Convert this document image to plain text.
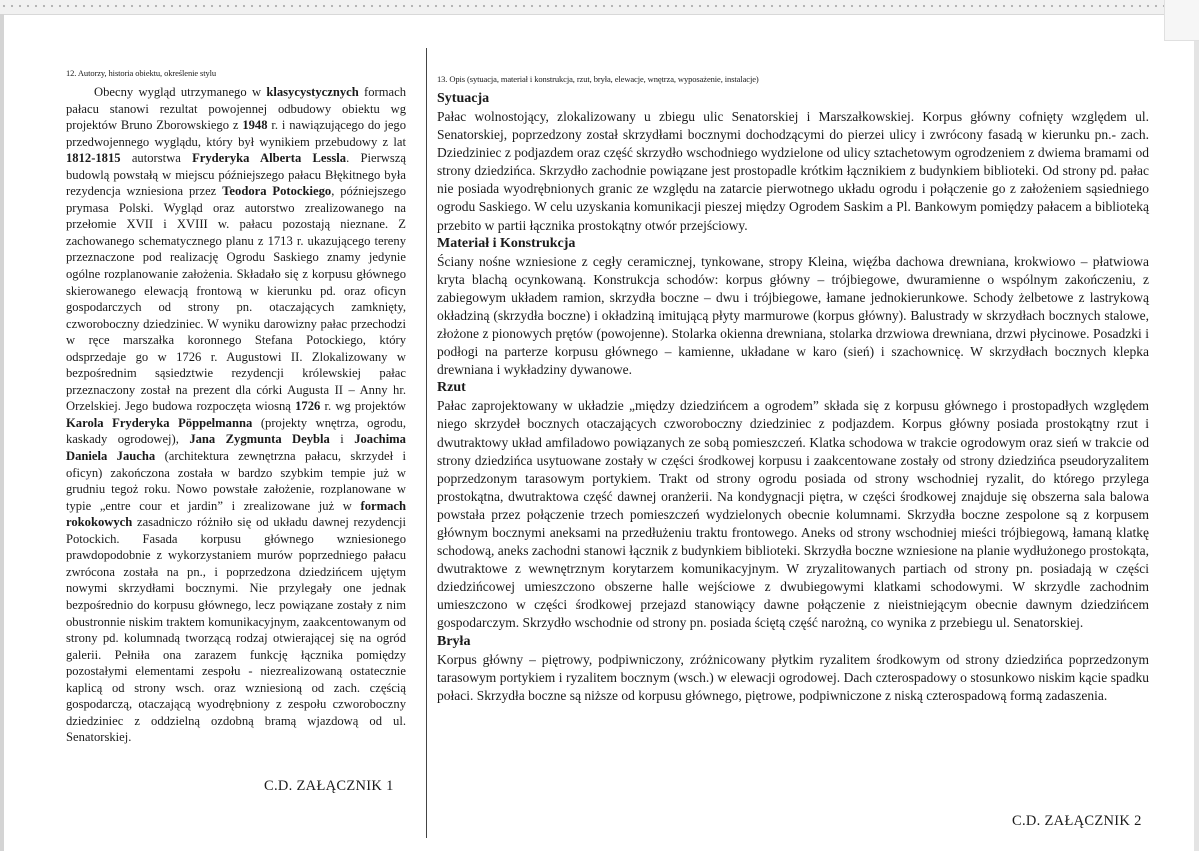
12. Autorzy, historia obiektu, określenie stylu

Obecny wygląd utrzymanego w klasycystycznych formach pałacu stanowi rezultat powojennej odbudowy obiektu wg projektów Bruno Zborowskiego z 1948 r. i nawiązującego do jego przedwojennego wyglądu, który był wynikiem przebudowy z lat 1812-1815 autorstwa Fryderyka Alberta Lessla. Pierwszą budowlą powstałą w miejscu późniejszego pałacu Błękitnego była rezydencja wzniesiona przez Teodora Potockiego, późniejszego prymasa Polski. Wygląd oraz autorstwo zrealizowanego na przełomie XVII i XVIII w. pałacu pozostają nieznane. Z zachowanego schematycznego planu z 1713 r. ukazującego tereny przeznaczone pod realizację Ogrodu Saskiego znamy jedynie ogólne rozplanowanie założenia. Składało się z korpusu głównego skierowanego elewacją frontową w kierunku pd. oraz oficyn gospodarczych od strony pn. otaczających zamknięty, czworoboczny dziedziniec. W wyniku darowizny pałac przechodzi w ręce marszałka koronnego Stefana Potockiego, który odsprzedaje go w 1726 r. Augustowi II. Zlokalizowany w bezpośrednim sąsiedztwie rezydencji królewskiej pałac przeznaczony został na prezent dla córki Augusta II – Anny hr. Orzelskiej. Jego budowa rozpoczęta wiosną 1726 r. wg projektów Karola Fryderyka Pöppelmanna (projekty wnętrza, ogrodu, kaskady ogrodowej), Jana Zygmunta Deybla i Joachima Daniela Jaucha (architektura zewnętrzna pałacu, skrzydeł i oficyn) zakończona została w bardzo szybkim tempie już w grudniu tegoż roku. Nowo powstałe założenie, rozplanowane w typie „entre cour et jardin” i zrealizowane już w formach rokokowych zasadniczo różniło się od układu dawnej rezydencji Potockich. Fasada korpusu głównego wzniesionego prawdopodobnie z wykorzystaniem murów poprzedniego pałacu zwrócona została na pn., i poprzedzona dziedzińcem ujętym nowymi skrzydłami bocznymi. Nie przylegały one jednak bezpośrednio do korpusu głównego, lecz powiązane zostały z nim obustronnie niskim traktem komunikacyjnym, zaakcentowanym od strony pd. kolumnadą tworzącą rodzaj otwierającej się na ogród galerii. Pełniła ona zarazem funkcję łącznika pomiędzy pozostałymi elementami zespołu - niezrealizowaną ostatecznie kaplicą od strony wsch. oraz wzniesioną od zach. częścią gospodarczą, otaczającą wyodrębniony z zespołu czworoboczny dziedziniec z oddzielną ozdobną bramą wjazdową od ul. Senatorskiej.

C.D. ZAŁĄCZNIK 1

13. Opis (sytuacja, materiał i konstrukcja, rzut, bryła, elewacje, wnętrza, wyposażenie, instalacje)

Sytuacja

Pałac wolnostojący, zlokalizowany u zbiegu ulic Senatorskiej i Marszałkowskiej. Korpus główny cofnięty względem ul. Senatorskiej, poprzedzony został skrzydłami bocznymi dochodzącymi do pierzei ulicy i zwrócony fasadą w kierunku pn.- zach. Dziedziniec z podjazdem oraz część skrzydło wschodniego wydzielone od ulicy sztachetowym ogrodzeniem z dwiema bramami od strony dziedzińca. Skrzydło zachodnie powiązane jest prostopadle krótkim łącznikiem z budynkiem biblioteki. Od strony pd. pałac nie posiada wyodrębnionych granic ze względu na zatarcie pierwotnego układu ogrodu i połączenie go z założeniem sąsiedniego ogrodu Saskiego. W celu uzyskania komunikacji pieszej między Ogrodem Saskim a Pl. Bankowym pomiędzy pałacem a biblioteką przebito w partii łącznika prostokątny otwór przejściowy.

Materiał i Konstrukcja

Ściany nośne wzniesione z cegły ceramicznej, tynkowane, stropy Kleina, więźba dachowa drewniana, krokwiowo – płatwiowa kryta blachą ocynkowaną. Konstrukcja schodów: korpus główny – trójbiegowe, dwuramienne o wspólnym zakończeniu, z zabiegowym układem ramion, skrzydła boczne – dwu i trójbiegowe, łamane jednokierunkowe. Schody żelbetowe z lastrykową okładziną (skrzydła boczne) i okładziną imitującą płyty marmurowe (korpus główny). Balustrady w skrzydłach bocznych stalowe, złożone z pionowych prętów (powojenne). Stolarka okienna drewniana, stolarka drzwiowa drewniana, drzwi płycinowe. Posadzki i podłogi na parterze korpusu głównego – kamienne, układane w karo (sień) i szachownicę. W skrzydłach bocznych klepka drewniana i wykładziny dywanowe.

Rzut

Pałac zaprojektowany w układzie „między dziedzińcem a ogrodem” składa się z korpusu głównego i prostopadłych względem niego skrzydeł bocznych otaczających czworoboczny dziedziniec z podjazdem. Korpus główny posiada prostokątny rzut i dwutraktowy układ amfiladowo powiązanych ze sobą pomieszczeń. Klatka schodowa w trakcie ogrodowym oraz sień w trakcie od strony dziedzińca usytuowane zostały w części środkowej korpusu i zaakcentowane zostały od strony dziedzińca pseudoryzalitem poprzedzonym tarasowym portykiem. Trakt od strony ogrodu posiada od strony wschodniej ryzalit, do którego przylega prostokątna, dwutraktowa część dawnej oranżerii. Na kondygnacji piętra, w części środkowej znajduje się obszerna sala balowa powstała przez połączenie trzech pomieszczeń wydzielonych obecnie kolumnami. Skrzydła boczne zespolone są z korpusem głównym bocznymi aneksami na przedłużeniu traktu frontowego. Aneks od strony wschodniej mieści trójbiegową, łamaną klatkę schodową, aneks zachodni stanowi łącznik z budynkiem biblioteki. Skrzydła boczne wzniesione na planie wydłużonego prostokąta, dwutraktowe z wewnętrznym korytarzem komunikacyjnym. W zryzalitowanych partiach od strony pn. posiadają w części dziedzińcowej umieszczono obszerne halle wejściowe z dwubiegowymi klatkami schodowymi. W skrzydle zachodnim umieszczono w części środkowej przejazd stanowiący dawne połączenie z nieistniejącym obecnie dawnym dziedzińcem gospodarczym. Skrzydło wschodnie od strony pn. posiada ściętą część narożną, co wynika z przebiegu ul. Senatorskiej.

Bryła

Korpus główny – piętrowy, podpiwniczony, zróżnicowany płytkim ryzalitem środkowym od strony dziedzińca poprzedzonym tarasowym portykiem i ryzalitem bocznym (wsch.) w elewacji ogrodowej. Dach czterospadowy o stosunkowo niskim kącie spadku połaci. Skrzydła boczne są niższe od korpusu głównego, piętrowe, podpiwniczone z niską czterospadową formą zadaszenia.

C.D. ZAŁĄCZNIK 2
